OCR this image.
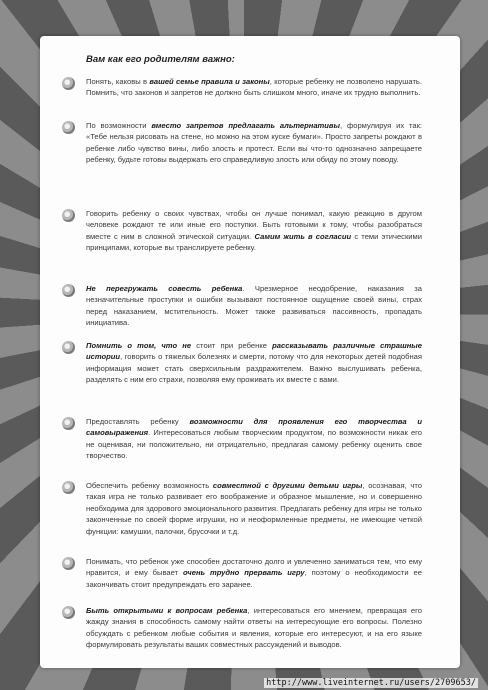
Вам как его родителям важно:
Понять, каковы в вашей семье правила и законы, которые ребенку не позволено нарушать. Помнить, что законов и запретов не должно быть слишком много, иначе их трудно выполнить.
По возможности вместо запретов предлагать альтернативы, формулируя их так: «Тебе нельзя рисовать на стене, но можно на этом куске бумаги». Просто запреты рождают в ребенке либо чувство вины, либо злость и протест. Если вы что-то однозначно запрещаете ребенку, будьте готовы выдержать его справедливую злость или обиду по этому поводу.
Говорить ребенку о своих чувствах, чтобы он лучше понимал, какую реакцию в другом человеке рождают те или иные его поступки. Быть готовыми к тому, чтобы разобраться вместе с ним в сложной этической ситуации. Самим жить в согласии с теми этическими принципами, которые вы транслируете ребенку.
Не перегружать совесть ребенка. Чрезмерное неодобрение, наказания за незначительные проступки и ошибки вызывают постоянное ощущение своей вины, страх перед наказанием, мстительность. Может также развиваться пассивность, пропадать инициатива.
Помнить о том, что не стоит при ребенке рассказывать различные страшные истории, говорить о тяжелых болезнях и смерти, потому что для некоторых детей подобная информация может стать сверхсильным раздражителем. Важно выслушивать ребенка, разделять с ним его страхи, позволяя ему проживать их вместе с вами.
Предоставлять ребенку возможности для проявления его творчества и самовыражения. Интересоваться любым творческим продуктом, по возможности никак его не оценивая, ни положительно, ни отрицательно, предлагая самому ребенку оценить свое творчество.
Обеспечить ребенку возможность совместной с другими детьми игры, осознавая, что такая игра не только развивает его воображение и образное мышление, но и совершенно необходима для здорового эмоционального развития. Предлагать ребенку для игры не только законченные по своей форме игрушки, но и неоформленные предметы, не имеющие четкой функции: камушки, палочки, брусочки и т.д.
Понимать, что ребенок уже способен достаточно долго и увлеченно заниматься тем, что ему нравится, и ему бывает очень трудно прервать игру, поэтому о необходимости ее закончивать стоит предупреждать его заранее.
Быть открытыми к вопросам ребенка, интересоваться его мнением, превращая его жажду знания в способность самому найти ответы на интересующие его вопросы. Полезно обсуждать с ребенком любые события и явления, которые его интересуют, и на его языке формулировать результаты ваших совместных рассуждений и выводов.
http://www.liveinternet.ru/users/2709653/
